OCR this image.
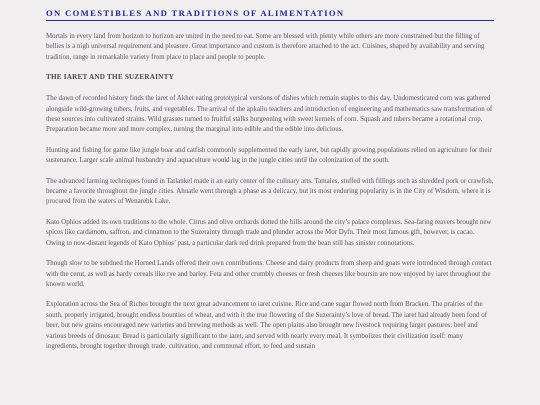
ON COMESTIBLES AND TRADITIONS OF ALIMENTATION

Mortals in every land from horizon to horizon are united in the need to eat. Some are blessed with plenty while others are more constrained but the filling of bellies is a nigh universal requirement and pleasure. Great importance and custom is therefore attached to the act. Cuisines, shaped by availability and serving tradition, range in remarkable variety from place to place and people to people.

THE IARET AND THE SUZERAINTY

The dawn of recorded history finds the iaret of Akhet eating prototypical versions of dishes which remain staples to this day. Undomesticated corn was gathered alongside wild-growing tubers, fruits, and vegetables. The arrival of the apkallu teachers and introduction of engineering and mathematics saw transformation of these sources into cultivated strains. Wild grasses turned to fruitful stalks burgeoning with sweet kernels of corn. Squash and tubers became a rotational crop. Preparation became more and more complex, turning the marginal into edible and the edible into delicious.

Hunting and fishing for game like jungle boar and catfish commonly supplemented the early iaret, but rapidly growing populations relied on agriculture for their sustenance. Larger scale animal husbandry and aquaculture would lag in the jungle cities until the colonization of the south.

The advanced farming techniques found in Tatlankel made it an early center of the culinary arts. Tamales, stuffed with fillings such as shredded pork or crawfish, became a favorite throughout the jungle cities. Ahuatle went through a phase as a delicacy, but its most enduring popularity is in the City of Wisdom, where it is procured from the waters of Wenarehk Lake.

Kato Ophios added its own traditions to the whole. Citrus and olive orchards dotted the hills around the city’s palace complexes. Sea-faring reavers brought new spices like cardamom, saffron, and cinnamon to the Suzerainty through trade and plunder across the Mor Dyfn. Their most famous gift, however, is cacao. Owing to now-distant legends of Kato Ophios’ past, a particular dark red drink prepared from the bean still has sinister connotations.

Though slow to be subdued the Horned Lands offered their own contributions. Cheese and dairy products from sheep and goats were introduced through contact with the cerut, as well as hardy cereals like rye and barley. Feta and other crumbly cheeses or fresh cheeses like boursin are now enjoyed by iaret throughout the known world.

Exploration across the Sea of Riches brought the next great advancement to iaret cuisine. Rice and cane sugar flowed north from Bracken. The prairies of the south, properly irrigated, brought endless bounties of wheat, and with it the true flowering of the Suzerainty’s love of bread. The iaret had already been fond of beer, but new grains encouraged new varieties and brewing methods as well. The open plains also brought new livestock requiring larger pastures: beef and various breeds of dinosaur. Bread is particularly significant to the iaret, and served with nearly every meal. It symbolizes their civilization itself: many ingredients, brought together through trade, cultivation, and communal effort, to feed and sustain
